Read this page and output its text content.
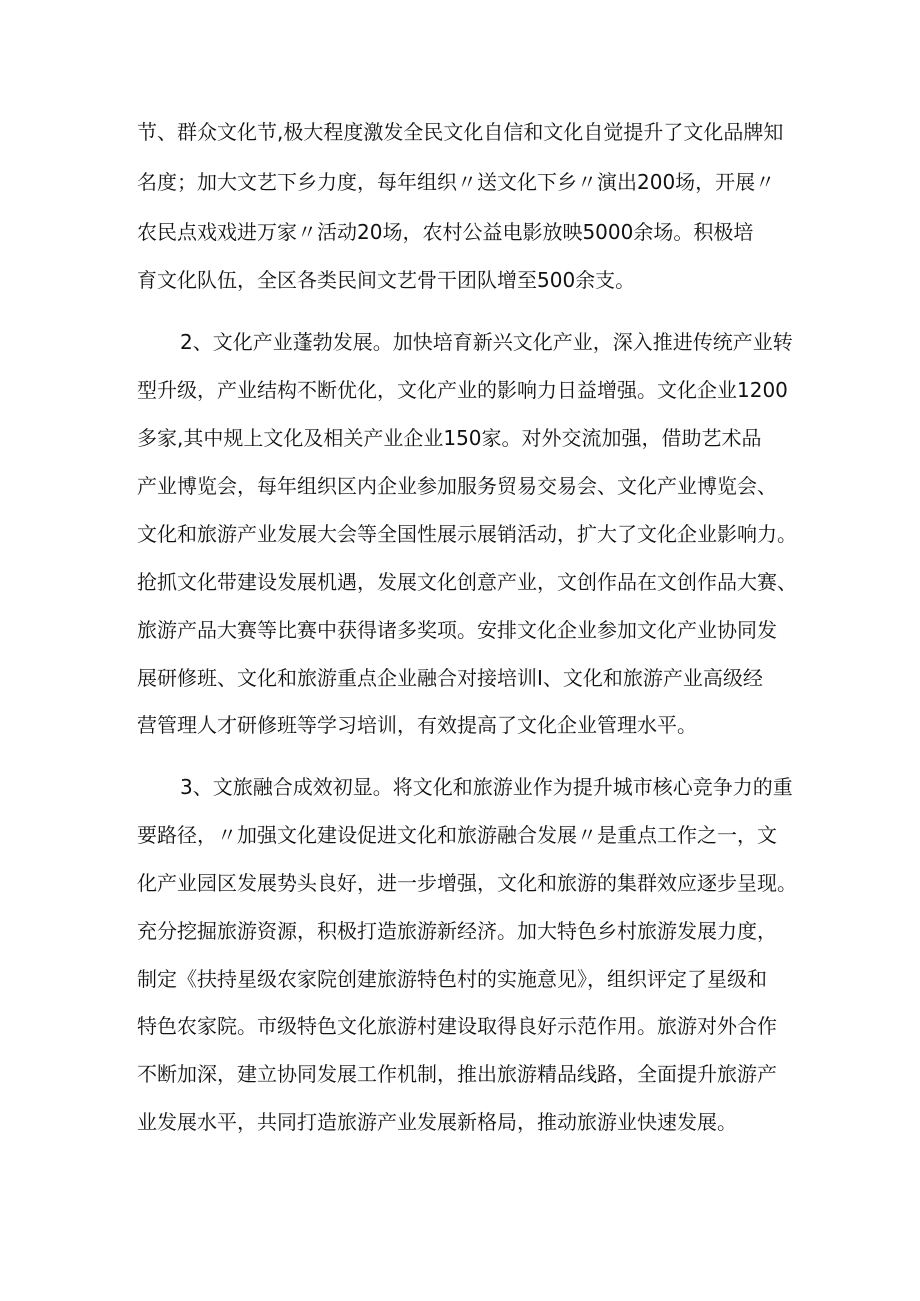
节、群众文化节,极大程度激发全民文化自信和文化自觉提升了文化品牌知
名度；加大文艺下乡力度，每年组织〃送文化下乡〃演出200场，开展〃
农民点戏戏进万家〃活动20场，农村公益电影放映5000余场。积极培
育文化队伍，全区各类民间文艺骨干团队增至500余支。
2、文化产业蓬勃发展。加快培育新兴文化产业，深入推进传统产业转
型升级，产业结构不断优化，文化产业的影响力日益增强。文化企业1200
多家,其中规上文化及相关产业企业150家。对外交流加强，借助艺术品
产业博览会，每年组织区内企业参加服务贸易交易会、文化产业博览会、
文化和旅游产业发展大会等全国性展示展销活动，扩大了文化企业影响力。
抢抓文化带建设发展机遇，发展文化创意产业，文创作品在文创作品大赛、
旅游产品大赛等比赛中获得诸多奖项。安排文化企业参加文化产业协同发
展研修班、文化和旅游重点企业融合对接培训I、文化和旅游产业高级经
营管理人才研修班等学习培训，有效提高了文化企业管理水平。
3、文旅融合成效初显。将文化和旅游业作为提升城市核心竞争力的重
要路径，〃加强文化建设促进文化和旅游融合发展〃是重点工作之一，文
化产业园区发展势头良好，进一步增强，文化和旅游的集群效应逐步呈现。
充分挖掘旅游资源，积极打造旅游新经济。加大特色乡村旅游发展力度，
制定《扶持星级农家院创建旅游特色村的实施意见》，组织评定了星级和
特色农家院。市级特色文化旅游村建设取得良好示范作用。旅游对外合作
不断加深，建立协同发展工作机制，推出旅游精品线路，全面提升旅游产
业发展水平，共同打造旅游产业发展新格局，推动旅游业快速发展。
